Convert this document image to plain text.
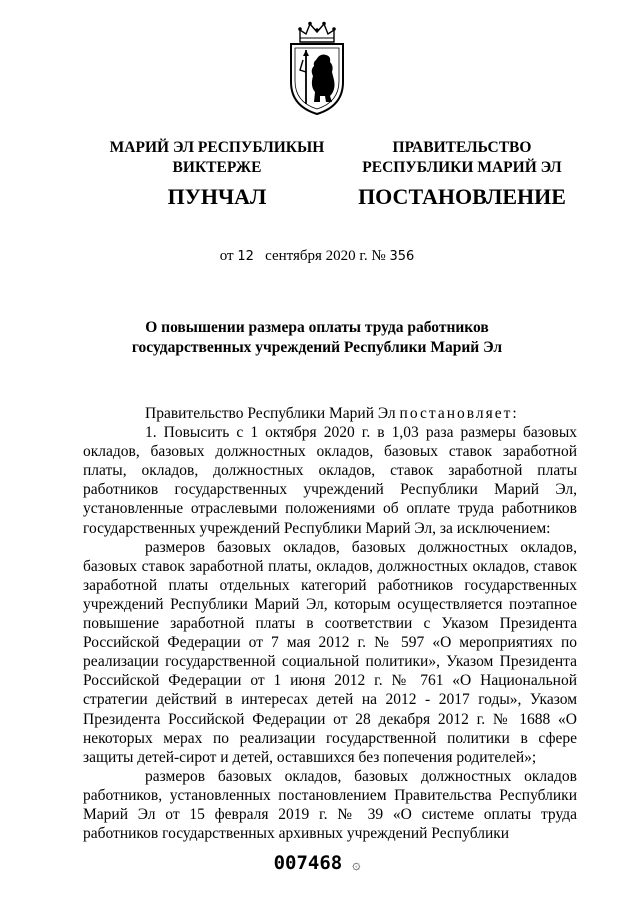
МАРИЙ ЭЛ РЕСПУБЛИКЫН
ВИКТЕРЖЕ
ПУНЧАЛ
ПРАВИТЕЛЬСТВО
РЕСПУБЛИКИ МАРИЙ ЭЛ
ПОСТАНОВЛЕНИЕ
от 12 сентября 2020 г. № 356
О повышении размера оплаты труда работников
государственных учреждений Республики Марий Эл

Правительство Республики Марий Эл постановляет:

1. Повысить с 1 октября 2020 г. в 1,03 раза размеры базовых окладов, базовых должностных окладов, базовых ставок заработной платы, окладов, должностных окладов, ставок заработной платы работников государственных учреждений Республики Марий Эл, установленные отраслевыми положениями об оплате труда работников государственных учреждений Республики Марий Эл, за исключением:

размеров базовых окладов, базовых должностных окладов, базовых ставок заработной платы, окладов, должностных окладов, ставок заработной платы отдельных категорий работников государственных учреждений Республики Марий Эл, которым осуществляется поэтапное повышение заработной платы в соответствии с Указом Президента Российской Федерации от 7 мая 2012 г. № 597 «О мероприятиях по реализации государственной социальной политики», Указом Президента Российской Федерации от 1 июня 2012 г. № 761 «О Национальной стратегии действий в интересах детей на 2012 - 2017 годы», Указом Президента Российской Федерации от 28 декабря 2012 г. № 1688 «О некоторых мерах по реализации государственной политики в сфере защиты детей-сирот и детей, оставшихся без попечения родителей»;

размеров базовых окладов, базовых должностных окладов работников, установленных постановлением Правительства Республики Марий Эл от 15 февраля 2019 г. № 39 «О системе оплаты труда работников государственных архивных учреждений Республики

007468 ۞
